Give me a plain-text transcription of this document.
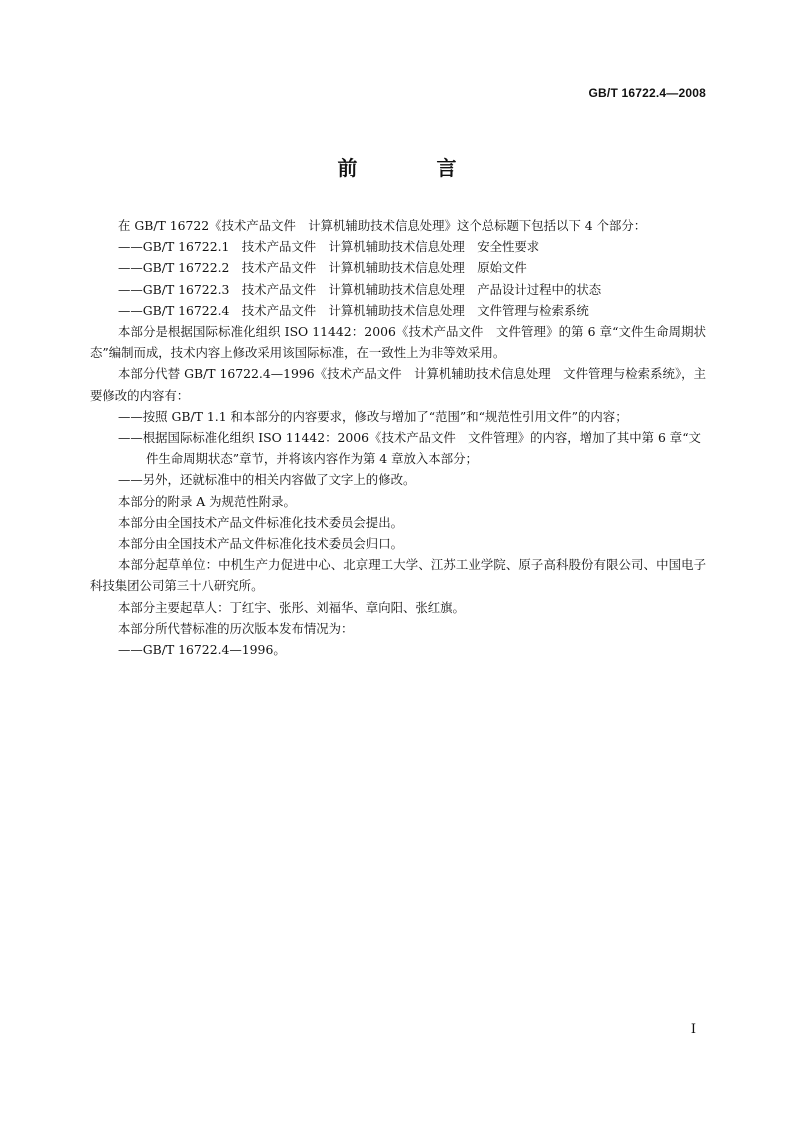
GB/T 16722.4—2008
前 言

在 GB/T 16722《技术产品文件　计算机辅助技术信息处理》这个总标题下包括以下 4 个部分：

——GB/T 16722.1　技术产品文件　计算机辅助技术信息处理　安全性要求

——GB/T 16722.2　技术产品文件　计算机辅助技术信息处理　原始文件

——GB/T 16722.3　技术产品文件　计算机辅助技术信息处理　产品设计过程中的状态

——GB/T 16722.4　技术产品文件　计算机辅助技术信息处理　文件管理与检索系统

本部分是根据国际标准化组织 ISO 11442：2006《技术产品文件　文件管理》的第 6 章“文件生命周期状态”编制而成，技术内容上修改采用该国际标准，在一致性上为非等效采用。

本部分代替 GB/T 16722.4—1996《技术产品文件　计算机辅助技术信息处理　文件管理与检索系统》，主要修改的内容有：

——按照 GB/T 1.1 和本部分的内容要求，修改与增加了“范围”和“规范性引用文件”的内容；

——根据国际标准化组织 ISO 11442：2006《技术产品文件　文件管理》的内容，增加了其中第 6 章“文件生命周期状态”章节，并将该内容作为第 4 章放入本部分；

——另外，还就标准中的相关内容做了文字上的修改。

本部分的附录 A 为规范性附录。

本部分由全国技术产品文件标准化技术委员会提出。

本部分由全国技术产品文件标准化技术委员会归口。

本部分起草单位：中机生产力促进中心、北京理工大学、江苏工业学院、原子高科股份有限公司、中国电子科技集团公司第三十八研究所。

本部分主要起草人：丁红宇、张彤、刘福华、章向阳、张红旗。

本部分所代替标准的历次版本发布情况为：

——GB/T 16722.4—1996。

I
